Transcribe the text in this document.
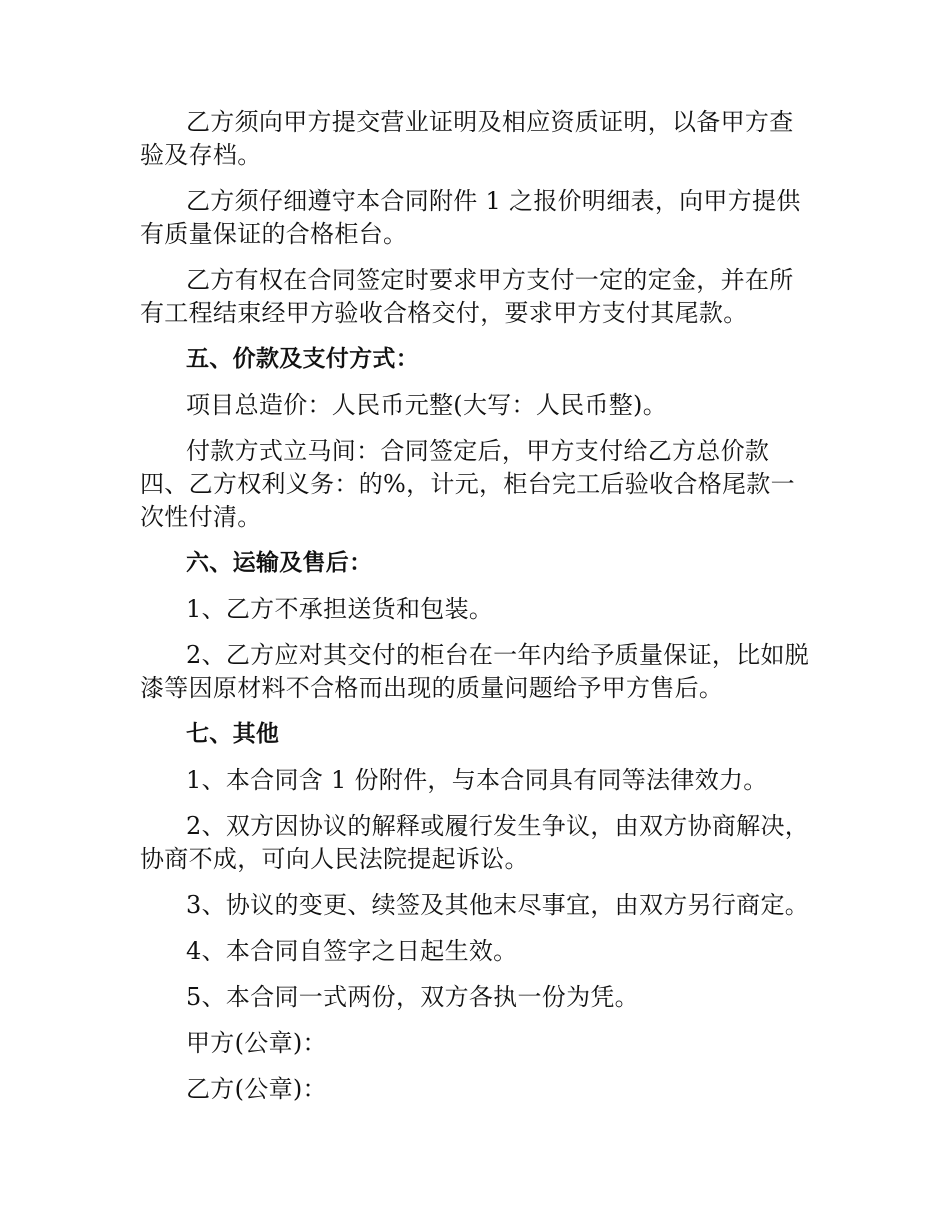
乙方须向甲方提交营业证明及相应资质证明，以备甲方查验及存档。

乙方须仔细遵守本合同附件 1 之报价明细表，向甲方提供有质量保证的合格柜台。

乙方有权在合同签定时要求甲方支付一定的定金，并在所有工程结束经甲方验收合格交付，要求甲方支付其尾款。

五、价款及支付方式：

项目总造价：人民币元整(大写：人民币整)。

付款方式立马间：合同签定后，甲方支付给乙方总价款四、乙方权利义务：的%，计元，柜台完工后验收合格尾款一次性付清。

六、运输及售后：

1、乙方不承担送货和包装。

2、乙方应对其交付的柜台在一年内给予质量保证，比如脱漆等因原材料不合格而出现的质量问题给予甲方售后。

七、其他

1、本合同含 1 份附件，与本合同具有同等法律效力。

2、双方因协议的解释或履行发生争议，由双方协商解决，协商不成，可向人民法院提起诉讼。

3、协议的变更、续签及其他末尽事宜，由双方另行商定。

4、本合同自签字之日起生效。

5、本合同一式两份，双方各执一份为凭。

甲方(公章)：

乙方(公章)：
